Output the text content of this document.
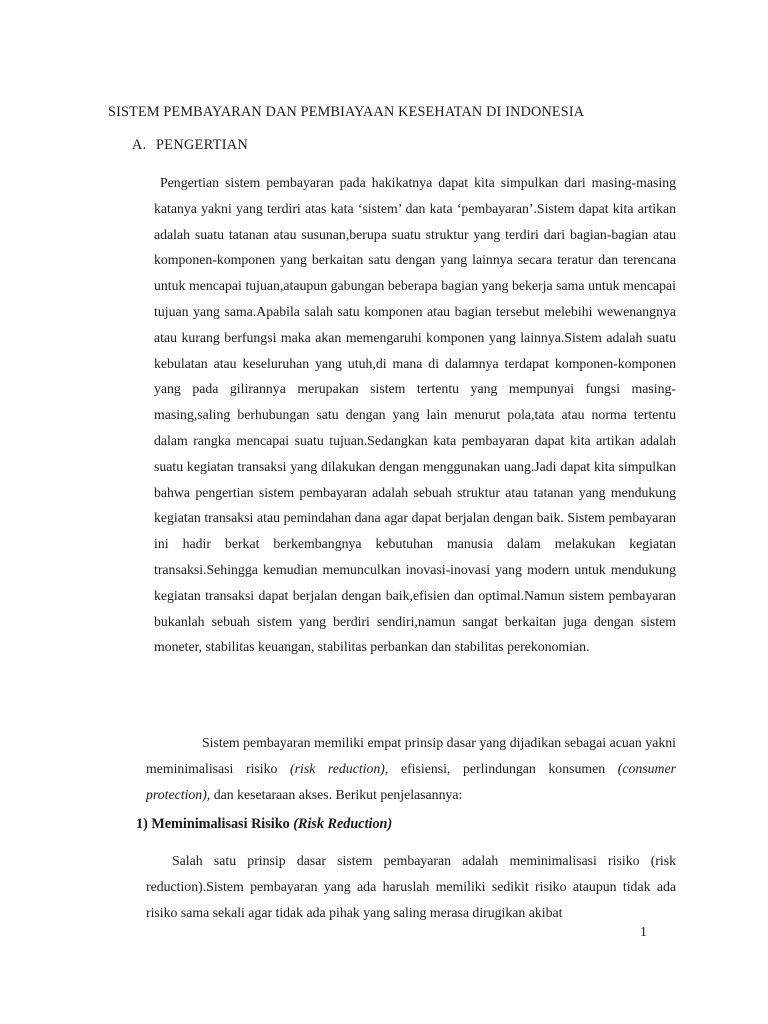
SISTEM PEMBAYARAN DAN PEMBIAYAAN KESEHATAN DI INDONESIA
A. PENGERTIAN

Pengertian sistem pembayaran pada hakikatnya dapat kita simpulkan dari masing-masing katanya yakni yang terdiri atas kata ‘sistem’ dan kata ‘pembayaran’.Sistem dapat kita artikan adalah suatu tatanan atau susunan,berupa suatu struktur yang terdiri dari bagian-bagian atau komponen-komponen yang berkaitan satu dengan yang lainnya secara teratur dan terencana untuk mencapai tujuan,ataupun gabungan beberapa bagian yang bekerja sama untuk mencapai tujuan yang sama.Apabila salah satu komponen atau bagian tersebut melebihi wewenangnya atau kurang berfungsi maka akan memengaruhi komponen yang lainnya.Sistem adalah suatu kebulatan atau keseluruhan yang utuh,di mana di dalamnya terdapat komponen-komponen yang pada gilirannya merupakan sistem tertentu yang mempunyai fungsi masing-masing,saling berhubungan satu dengan yang lain menurut pola,tata atau norma tertentu dalam rangka mencapai suatu tujuan.Sedangkan kata pembayaran dapat kita artikan adalah suatu kegiatan transaksi yang dilakukan dengan menggunakan uang.Jadi dapat kita simpulkan bahwa pengertian sistem pembayaran adalah sebuah struktur atau tatanan yang mendukung kegiatan transaksi atau pemindahan dana agar dapat berjalan dengan baik. Sistem pembayaran ini hadir berkat berkembangnya kebutuhan manusia dalam melakukan kegiatan transaksi.Sehingga kemudian memunculkan inovasi-inovasi yang modern untuk mendukung kegiatan transaksi dapat berjalan dengan baik,efisien dan optimal.Namun sistem pembayaran bukanlah sebuah sistem yang berdiri sendiri,namun sangat berkaitan juga dengan sistem moneter, stabilitas keuangan, stabilitas perbankan dan stabilitas perekonomian.

Sistem pembayaran memiliki empat prinsip dasar yang dijadikan sebagai acuan yakni meminimalisasi risiko (risk reduction), efisiensi, perlindungan konsumen (consumer protection), dan kesetaraan akses. Berikut penjelasannya:

1) Meminimalisasi Risiko (Risk Reduction)

Salah satu prinsip dasar sistem pembayaran adalah meminimalisasi risiko (risk reduction).Sistem pembayaran yang ada haruslah memiliki sedikit risiko ataupun tidak ada risiko sama sekali agar tidak ada pihak yang saling merasa dirugikan akibat

1
